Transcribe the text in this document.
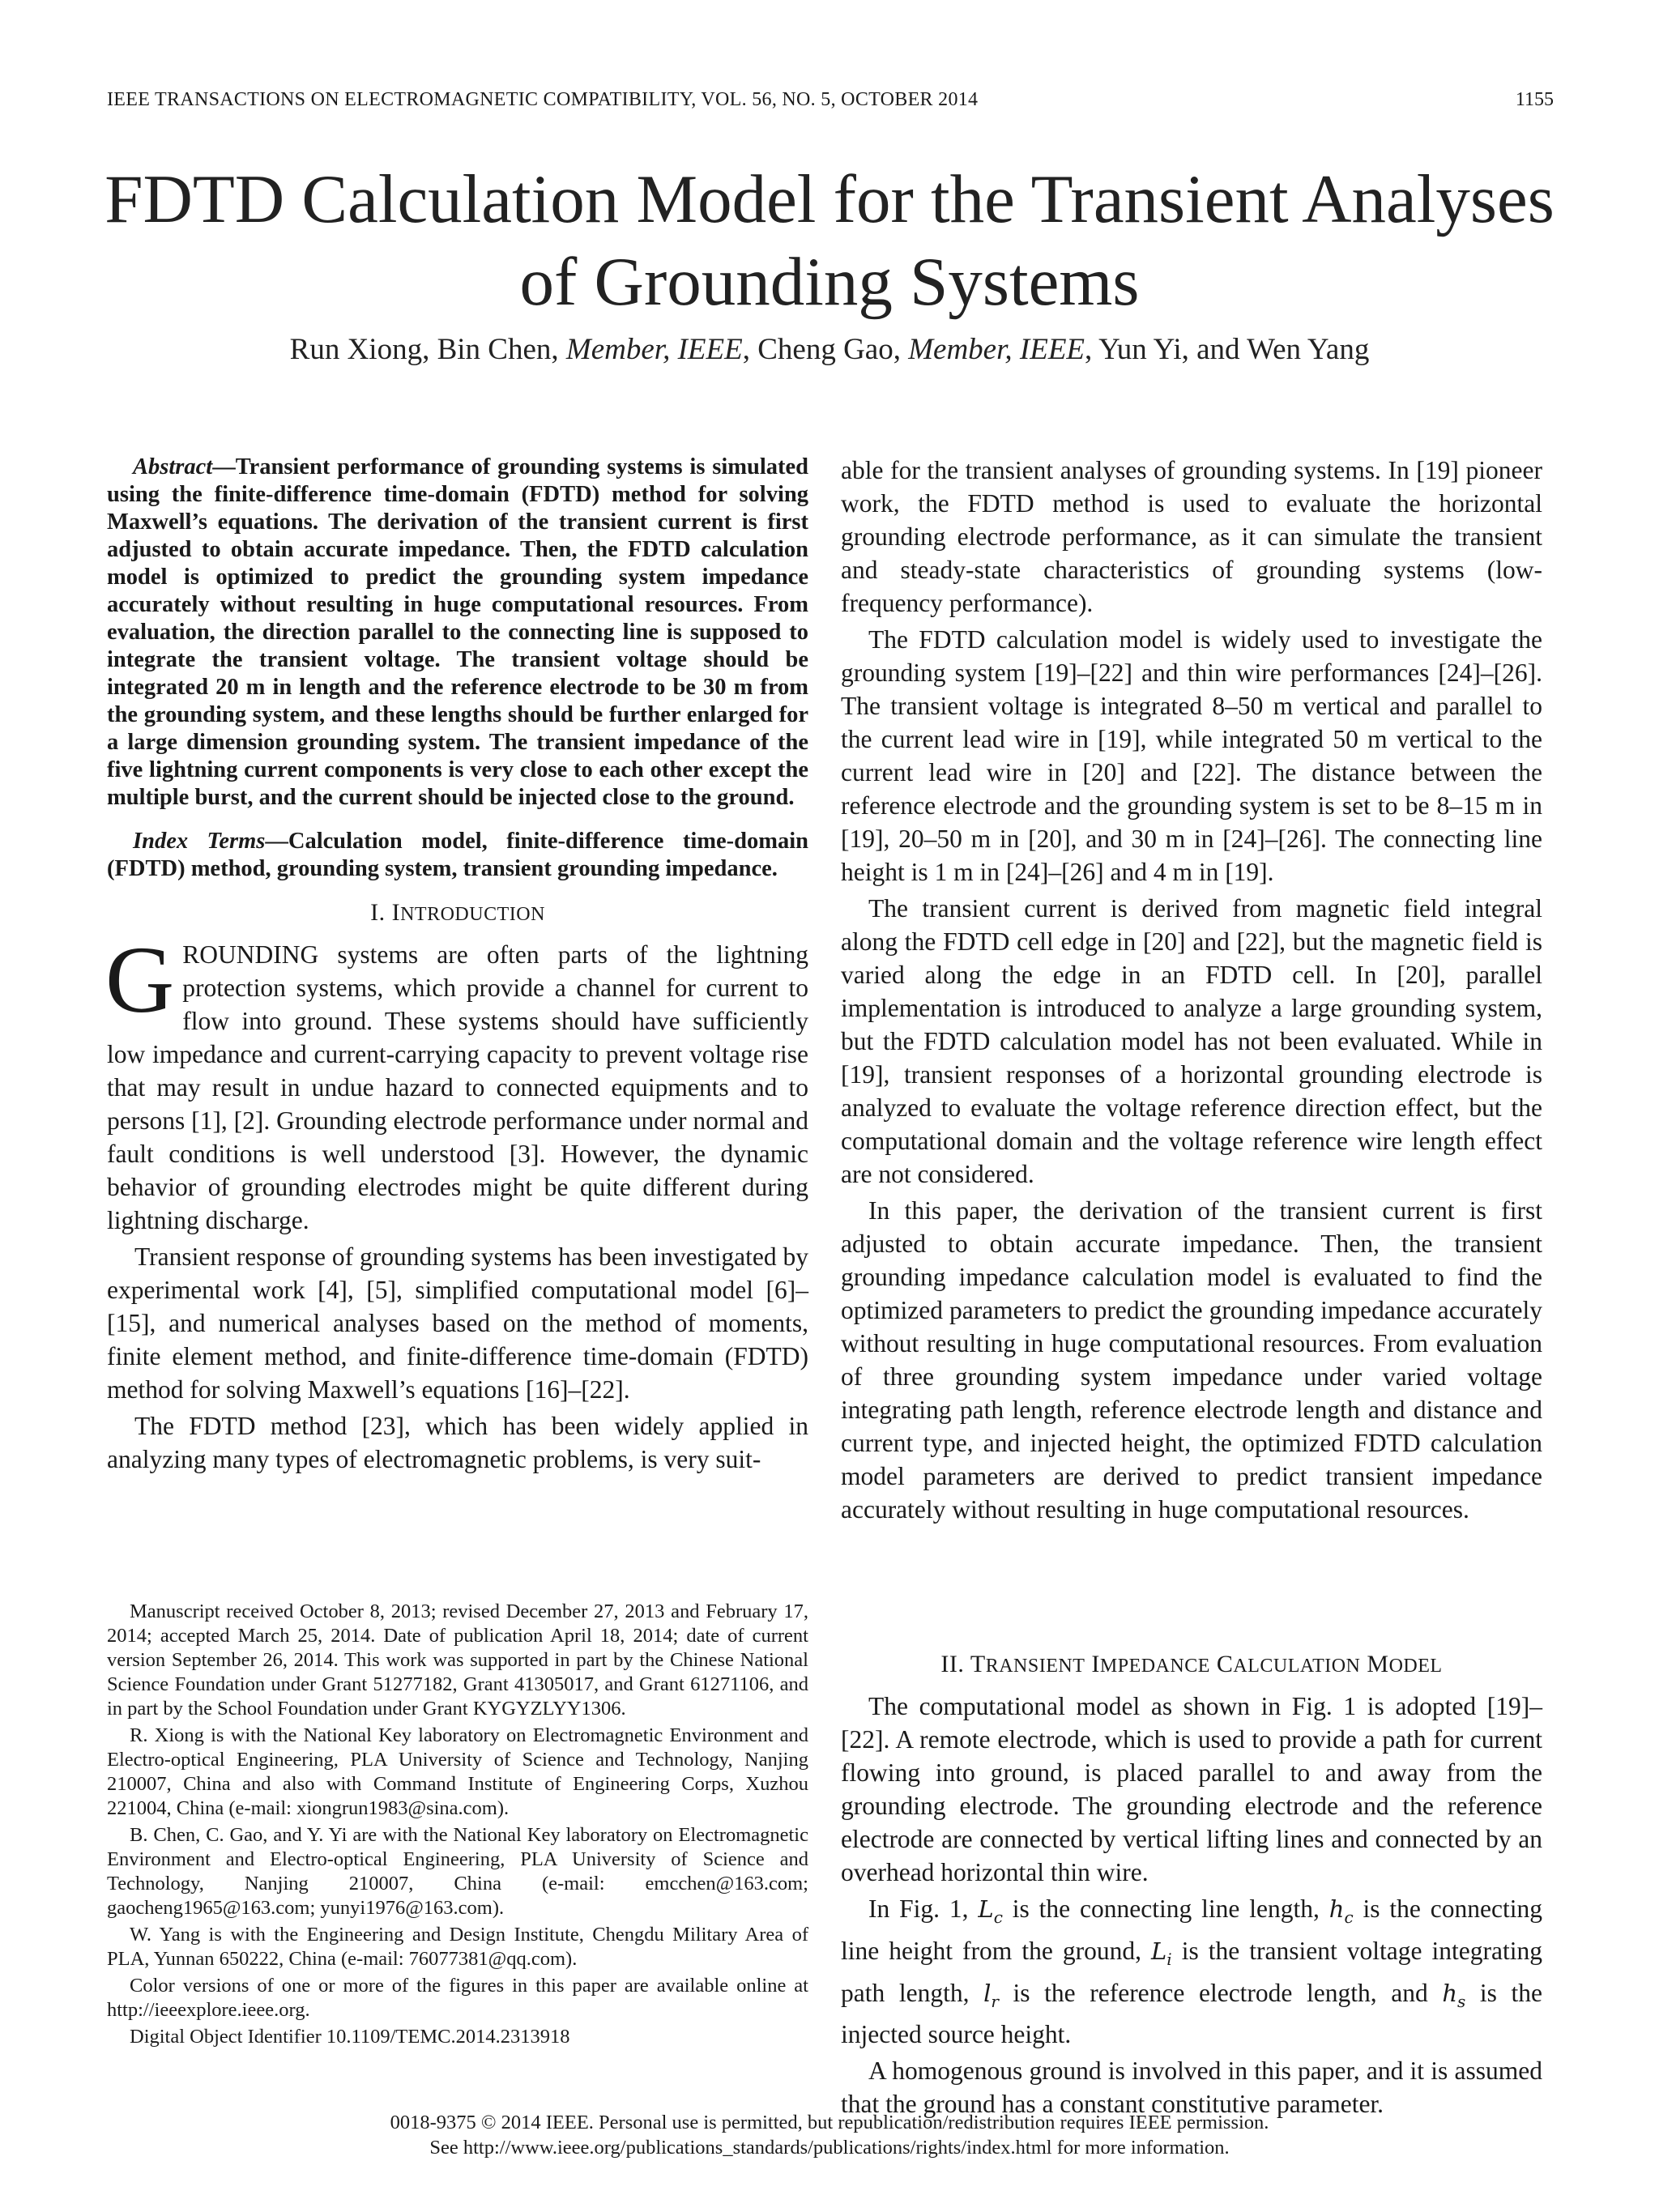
IEEE TRANSACTIONS ON ELECTROMAGNETIC COMPATIBILITY, VOL. 56, NO. 5, OCTOBER 2014	1155
FDTD Calculation Model for the Transient Analyses
of Grounding Systems
Run Xiong, Bin Chen, Member, IEEE, Cheng Gao, Member, IEEE, Yun Yi, and Wen Yang

Abstract—Transient performance of grounding systems is simulated using the finite-difference time-domain (FDTD) method for solving Maxwell’s equations. The derivation of the transient current is first adjusted to obtain accurate impedance. Then, the FDTD calculation model is optimized to predict the grounding system impedance accurately without resulting in huge computational resources. From evaluation, the direction parallel to the connecting line is supposed to integrate the transient voltage. The transient voltage should be integrated 20 m in length and the reference electrode to be 30 m from the grounding system, and these lengths should be further enlarged for a large dimension grounding system. The transient impedance of the five lightning current components is very close to each other except the multiple burst, and the current should be injected close to the ground.

Index Terms—Calculation model, finite-difference time-domain (FDTD) method, grounding system, transient grounding impedance.

I. INTRODUCTION

GROUNDING systems are often parts of the lightning protection systems, which provide a channel for current to flow into ground. These systems should have sufficiently low impedance and current-carrying capacity to prevent voltage rise that may result in undue hazard to connected equipments and to persons [1], [2]. Grounding electrode performance under normal and fault conditions is well understood [3]. However, the dynamic behavior of grounding electrodes might be quite different during lightning discharge.

Transient response of grounding systems has been investigated by experimental work [4], [5], simplified computational model [6]–[15], and numerical analyses based on the method of moments, finite element method, and finite-difference time-domain (FDTD) method for solving Maxwell’s equations [16]–[22].

The FDTD method [23], which has been widely applied in analyzing many types of electromagnetic problems, is very suit-

able for the transient analyses of grounding systems. In [19] pioneer work, the FDTD method is used to evaluate the horizontal grounding electrode performance, as it can simulate the transient and steady-state characteristics of grounding systems (low-frequency performance).

The FDTD calculation model is widely used to investigate the grounding system [19]–[22] and thin wire performances [24]–[26]. The transient voltage is integrated 8–50 m vertical and parallel to the current lead wire in [19], while integrated 50 m vertical to the current lead wire in [20] and [22]. The distance between the reference electrode and the grounding system is set to be 8–15 m in [19], 20–50 m in [20], and 30 m in [24]–[26]. The connecting line height is 1 m in [24]–[26] and 4 m in [19].

The transient current is derived from magnetic field integral along the FDTD cell edge in [20] and [22], but the magnetic field is varied along the edge in an FDTD cell. In [20], parallel implementation is introduced to analyze a large grounding system, but the FDTD calculation model has not been evaluated. While in [19], transient responses of a horizontal grounding electrode is analyzed to evaluate the voltage reference direction effect, but the computational domain and the voltage reference wire length effect are not considered.

In this paper, the derivation of the transient current is first adjusted to obtain accurate impedance. Then, the transient grounding impedance calculation model is evaluated to find the optimized parameters to predict the grounding impedance accurately without resulting in huge computational resources. From evaluation of three grounding system impedance under varied voltage integrating path length, reference electrode length and distance and current type, and injected height, the optimized FDTD calculation model parameters are derived to predict transient impedance accurately without resulting in huge computational resources.

II. TRANSIENT IMPEDANCE CALCULATION MODEL

The computational model as shown in Fig. 1 is adopted [19]–[22]. A remote electrode, which is used to provide a path for current flowing into ground, is placed parallel to and away from the grounding electrode. The grounding electrode and the reference electrode are connected by vertical lifting lines and connected by an overhead horizontal thin wire.

In Fig. 1, $L_c$ is the connecting line length, $h_c$ is the connecting line height from the ground, $L_i$ is the transient voltage integrating path length, $l_r$ is the reference electrode length, and $h_s$ is the injected source height.

A homogenous ground is involved in this paper, and it is assumed that the ground has a constant constitutive parameter.

Manuscript received October 8, 2013; revised December 27, 2013 and February 17, 2014; accepted March 25, 2014. Date of publication April 18, 2014; date of current version September 26, 2014. This work was supported in part by the Chinese National Science Foundation under Grant 51277182, Grant 41305017, and Grant 61271106, and in part by the School Foundation under Grant KYGYZLYY1306.

R. Xiong is with the National Key laboratory on Electromagnetic Environment and Electro-optical Engineering, PLA University of Science and Technology, Nanjing 210007, China and also with Command Institute of Engineering Corps, Xuzhou 221004, China (e-mail: xiongrun1983@sina.com).

B. Chen, C. Gao, and Y. Yi are with the National Key laboratory on Electromagnetic Environment and Electro-optical Engineering, PLA University of Science and Technology, Nanjing 210007, China (e-mail: emcchen@163.com; gaocheng1965@163.com; yunyi1976@163.com).

W. Yang is with the Engineering and Design Institute, Chengdu Military Area of PLA, Yunnan 650222, China (e-mail: 76077381@qq.com).

Color versions of one or more of the figures in this paper are available online at http://ieeexplore.ieee.org.

Digital Object Identifier 10.1109/TEMC.2014.2313918

0018-9375 © 2014 IEEE. Personal use is permitted, but republication/redistribution requires IEEE permission.
See http://www.ieee.org/publications_standards/publications/rights/index.html for more information.
